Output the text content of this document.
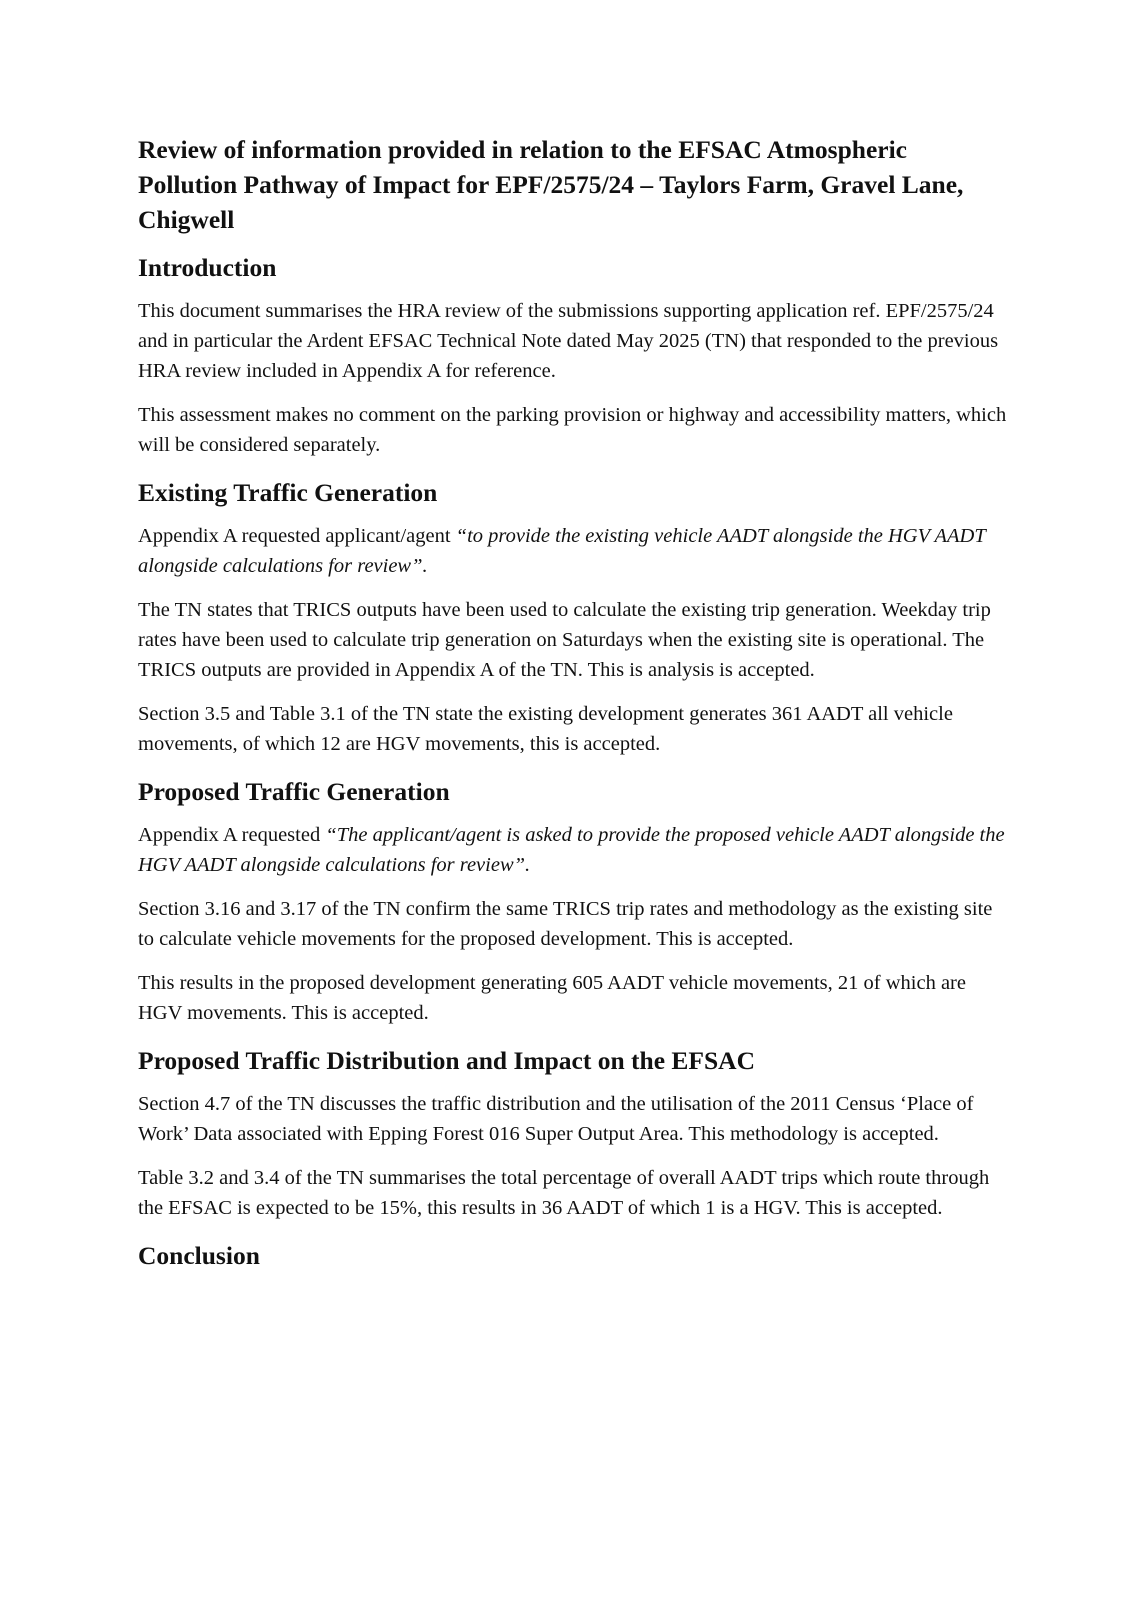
Review of information provided in relation to the EFSAC Atmospheric Pollution Pathway of Impact for EPF/2575/24 – Taylors Farm, Gravel Lane, Chigwell
Introduction

This document summarises the HRA review of the submissions supporting application ref. EPF/2575/24 and in particular the Ardent EFSAC Technical Note dated May 2025 (TN) that responded to the previous HRA review included in Appendix A for reference.

This assessment makes no comment on the parking provision or highway and accessibility matters, which will be considered separately.

Existing Traffic Generation

Appendix A requested applicant/agent “to provide the existing vehicle AADT alongside the HGV AADT alongside calculations for review”.

The TN states that TRICS outputs have been used to calculate the existing trip generation. Weekday trip rates have been used to calculate trip generation on Saturdays when the existing site is operational. The TRICS outputs are provided in Appendix A of the TN. This is analysis is accepted.

Section 3.5 and Table 3.1 of the TN state the existing development generates 361 AADT all vehicle movements, of which 12 are HGV movements, this is accepted.

Proposed Traffic Generation

Appendix A requested “The applicant/agent is asked to provide the proposed vehicle AADT alongside the HGV AADT alongside calculations for review”.

Section 3.16 and 3.17 of the TN confirm the same TRICS trip rates and methodology as the existing site to calculate vehicle movements for the proposed development. This is accepted.

This results in the proposed development generating 605 AADT vehicle movements, 21 of which are HGV movements. This is accepted.

Proposed Traffic Distribution and Impact on the EFSAC

Section 4.7 of the TN discusses the traffic distribution and the utilisation of the 2011 Census ‘Place of Work’ Data associated with Epping Forest 016 Super Output Area. This methodology is accepted.

Table 3.2 and 3.4 of the TN summarises the total percentage of overall AADT trips which route through the EFSAC is expected to be 15%, this results in 36 AADT of which 1 is a HGV. This is accepted.

Conclusion
